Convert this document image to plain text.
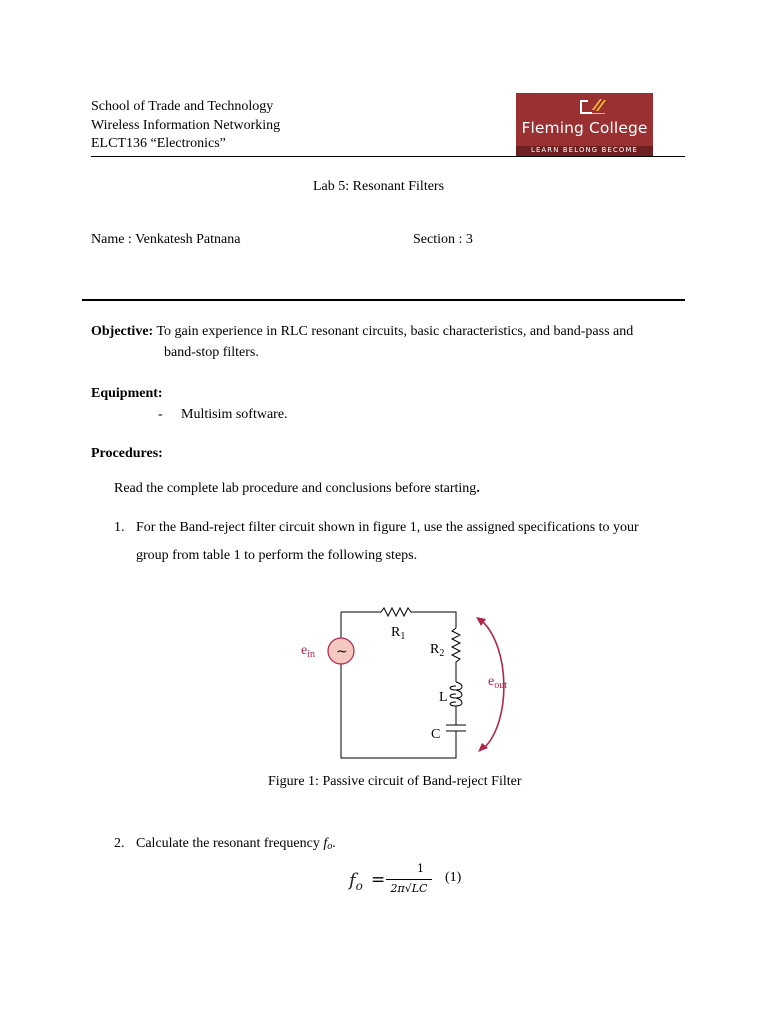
School of Trade and Technology
Wireless Information Networking
ELCT136 “Electronics”
Fleming College
LEARN BELONG BECOME
Lab 5: Resonant Filters
Name : Venkatesh Patnana	Section : 3
Objective: To gain experience in RLC resonant circuits, basic characteristics, and band-pass and
band-stop filters.
Equipment:
- Multisim software.
Procedures:
Read the complete lab procedure and conclusions before starting.
1. For the Band-reject filter circuit shown in figure 1, use the assigned specifications to your
group from table 1 to perform the following steps.
~
$R_1$
$R_2$
L
C
$e_{in}$
$e_{out}$
Figure 1: Passive circuit of Band-reject Filter
2. Calculate the resonant frequency fo.
$f_o$ =
1
2π√LC
(1)
